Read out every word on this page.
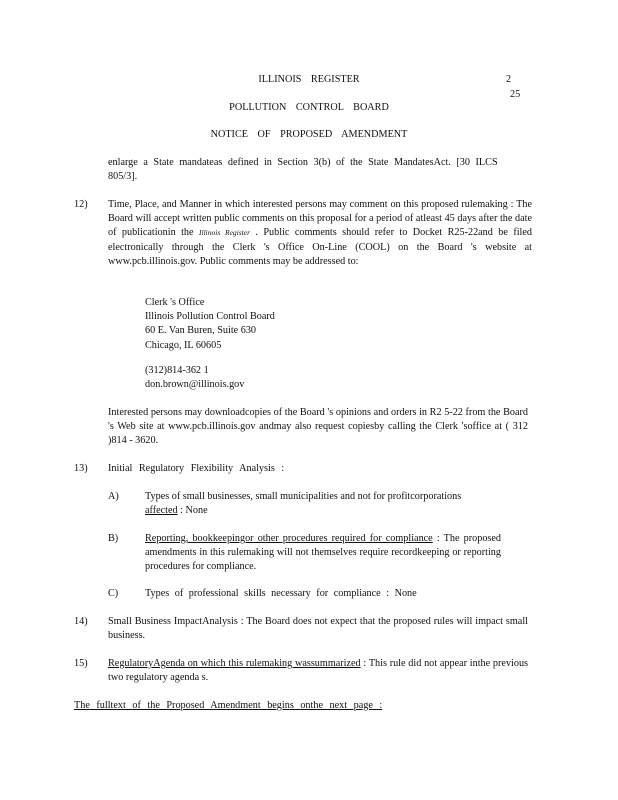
ILLINOIS REGISTER	2
25
POLLUTION CONTROL BOARD
NOTICE OF PROPOSED AMENDMENT
enlarge a State mandateas defined in Section 3(b) of the State MandatesAct. [30 ILCS
805/3].
12) Time, Place, and Manner in which interested persons may comment on this proposed rulemaking : The Board will accept written public comments on this proposal for a period of atleast 45 days after the date of publicationin the Illinois Register . Public comments should refer to Docket R25-22and be filed electronically through the Clerk 's Office On-Line (COOL) on the Board 's website at www.pcb.illinois.gov. Public comments may be addressed to:
Clerk 's Office
Illinois Pollution Control Board
60 E. Van Buren, Suite 630
Chicago, IL 60605
(312)814-362 1
don.brown@illinois.gov
Interested persons may downloadcopies of the Board 's opinions and orders in R2 5-22 from the Board 's Web site at www.pcb.illinois.gov andmay also request copiesby calling the Clerk 'soffice at ( 312 )814 - 3620.
13) Initial Regulatory Flexibility Analysis :
A)	Types of small businesses, small municipalities and not for profitcorporations
affected : None
B)	Reporting, bookkeepingor other procedures required for compliance : The proposed amendments in this rulemaking will not themselves require recordkeeping or reporting procedures for compliance.
C)	Types of professional skills necessary for compliance : None
14) Small Business ImpactAnalysis : The Board does not expect that the proposed rules will impact small business.
15) RegulatoryAgenda on which this rulemaking wassummarized : This rule did not appear inthe previous two regulatory agenda s.
The fulltext of the Proposed Amendment begins onthe next page :
